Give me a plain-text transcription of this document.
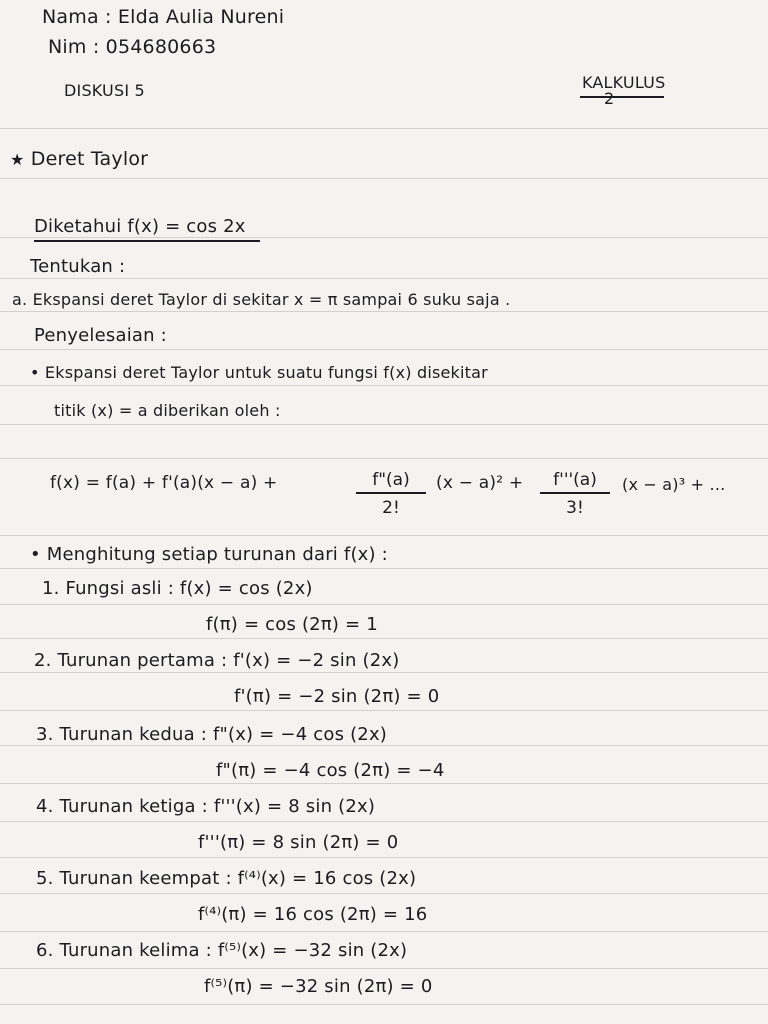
Nama : Elda Aulia Nureni
Nim : 054680663
DISKUSI 5	KALKULUS
2
★ Deret Taylor
Diketahui f(x) = cos 2x
Tentukan :
a. Ekspansi deret Taylor di sekitar x = π sampai 6 suku saja .
Penyelesaian :
• Ekspansi deret Taylor untuk suatu fungsi f(x) disekitar
titik (x) = a diberikan oleh :
f(x) = f(a) + f'(a)(x − a) +	$\frac{f"(a)}{2!} (x - a)^2 + \frac{f'''(a)}{3!} (x - a)^3$ + ...
• Menghitung setiap turunan dari f(x) :
1. Fungsi asli : f(x) = cos (2x)
f(π) = cos (2π) = 1
2. Turunan pertama : f'(x) = −2 sin (2x)
f'(π) = −2 sin (2π) = 0
3. Turunan kedua : f"(x) = −4 cos (2x)
f"(π) = −4 cos (2π) = −4
4. Turunan ketiga : f'''(x) = 8 sin (2x)
f'''(π) = 8 sin (2π) = 0
5. Turunan keempat : f⁽⁴⁾(x) = 16 cos (2x)
f⁽⁴⁾(π) = 16 cos (2π) = 16
6. Turunan kelima : f⁽⁵⁾(x) = −32 sin (2x)
f⁽⁵⁾(π) = −32 sin (2π) = 0
